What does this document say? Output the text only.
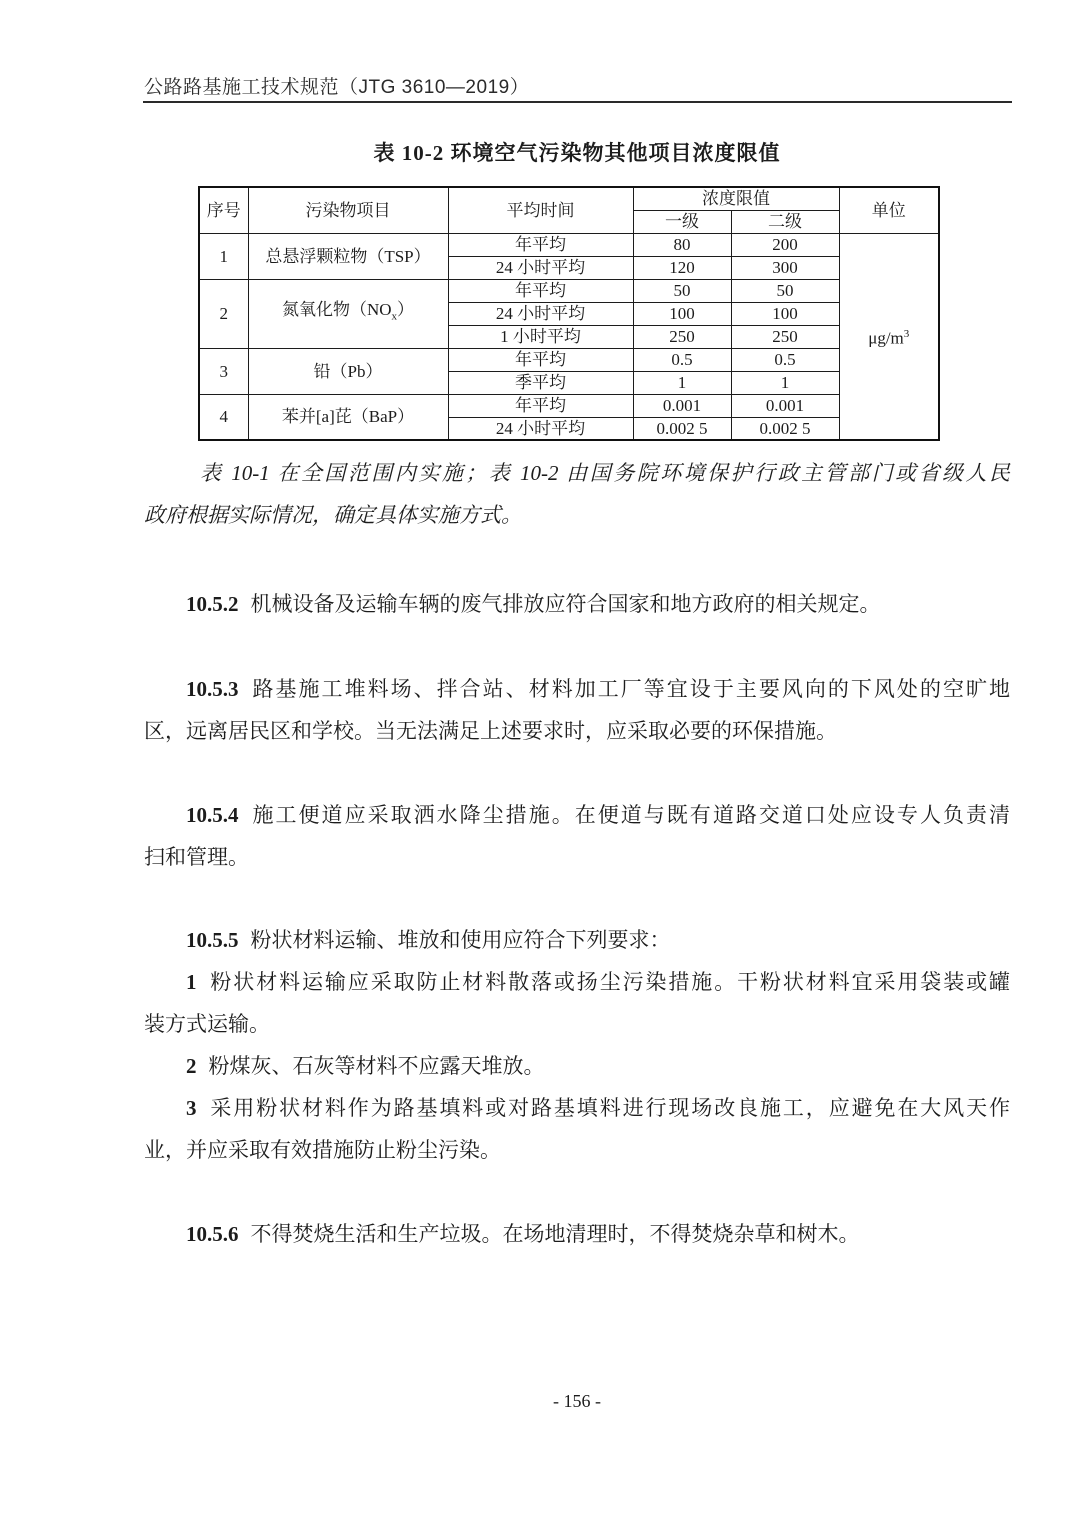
公路路基施工技术规范（JTG 3610—2019）
表 10-2 环境空气污染物其他项目浓度限值
序号	污染物项目	平均时间	浓度限值		单位
			一级	二级	
1	总悬浮颗粒物（TSP）	年平均	80	200	$\mu g/m^3$
		24 小时平均	120	300	
2	氮氧化物$(NO_x)$	年平均	50	50	
		24 小时平均	100	100	
		1 小时平均	250	250	
3	铅（Pb）	年平均	0.5	0.5	
		季平均	1	1	
4	苯并[a]芘（BaP）	年平均	0.001	0.001	
		24 小时平均	0.002 5	0.002 5	
表 10-1 在全国范围内实施；表 10-2 由国务院环境保护行政主管部门或省级人民
政府根据实际情况，确定具体实施方式。
10.5.2 机械设备及运输车辆的废气排放应符合国家和地方政府的相关规定。
10.5.3 路基施工堆料场、拌合站、材料加工厂等宜设于主要风向的下风处的空旷地
区，远离居民区和学校。当无法满足上述要求时，应采取必要的环保措施。
10.5.4 施工便道应采取洒水降尘措施。在便道与既有道路交道口处应设专人负责清
扫和管理。
10.5.5 粉状材料运输、堆放和使用应符合下列要求：
1 粉状材料运输应采取防止材料散落或扬尘污染措施。干粉状材料宜采用袋装或罐
装方式运输。
2 粉煤灰、石灰等材料不应露天堆放。
3 采用粉状材料作为路基填料或对路基填料进行现场改良施工，应避免在大风天作
业，并应采取有效措施防止粉尘污染。
10.5.6 不得焚烧生活和生产垃圾。在场地清理时，不得焚烧杂草和树木。
- 156 -
